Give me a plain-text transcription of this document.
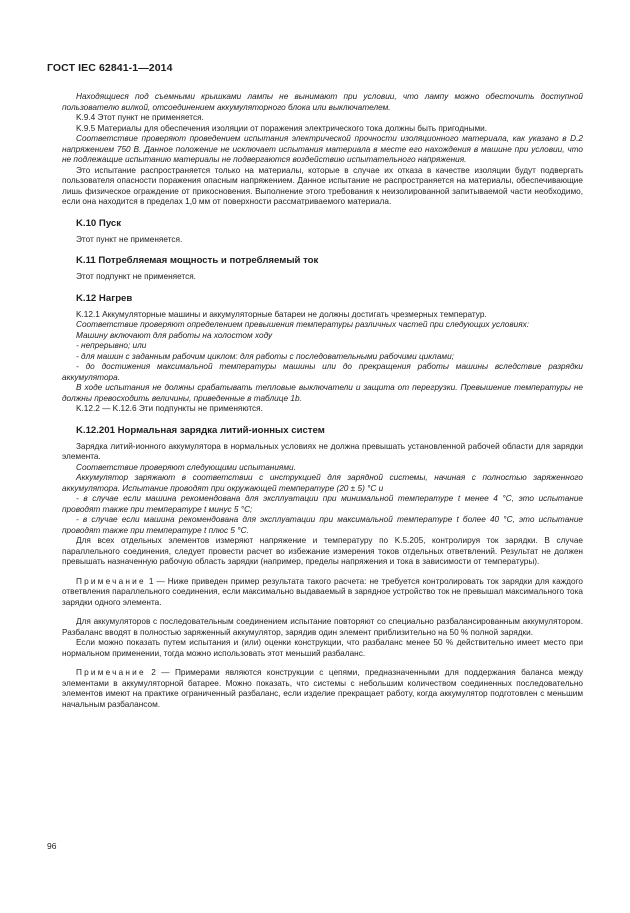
ГОСТ IEC 62841-1—2014

Находящиеся под съемными крышками лампы не вынимают при условии, что лампу можно обесточить доступной пользователю вилкой, отсоединением аккумуляторного блока или выключателем.

K.9.4 Этот пункт не применяется.

K.9.5 Материалы для обеспечения изоляции от поражения электрического тока должны быть пригодными.

Соответствие проверяют проведением испытания электрической прочности изоляционного материала, как указано в D.2 напряжением 750 В. Данное положение не исключает испытания материала в месте его нахождения в машине при условии, что не подлежащие испытанию материалы не подвергаются воздействию испытательного напряжения.

Это испытание распространяется только на материалы, которые в случае их отказа в качестве изоляции будут подвергать пользователя опасности поражения опасным напряжением. Данное испытание не распространяется на материалы, обеспечивающие лишь физическое ограждение от прикосновения. Выполнение этого требования к неизолированной запитываемой части необходимо, если она находится в пределах 1,0 мм от поверхности рассматриваемого материала.

K.10 Пуск

Этот пункт не применяется.

K.11 Потребляемая мощность и потребляемый ток

Этот подпункт не применяется.

K.12 Нагрев

K.12.1 Аккумуляторные машины и аккумуляторные батареи не должны достигать чрезмерных температур.

Соответствие проверяют определением превышения температуры различных частей при следующих условиях:

Машину включают для работы на холостом ходу

- непрерывно; или

- для машин с заданным рабочим циклом: для работы с последовательными рабочими циклами;

- до достижения максимальной температуры машины или до прекращения работы машины вследствие разрядки аккумулятора.

В ходе испытания не должны срабатывать тепловые выключатели и защита от перегрузки. Превышение температуры не должны превосходить величины, приведенные в таблице 1b.

K.12.2 — K.12.6 Эти подпункты не применяются.

K.12.201 Нормальная зарядка литий-ионных систем

Зарядка литий-ионного аккумулятора в нормальных условиях не должна превышать установленной рабочей области для зарядки элемента.

Соответствие проверяют следующими испытаниями.

Аккумулятор заряжают в соответствии с инструкцией для зарядной системы, начиная с полностью заряженного аккумулятора. Испытание проводят при окружающей температуре (20 ± 5) °С и

- в случае если машина рекомендована для эксплуатации при минимальной температуре t менее 4 °С, это испытание проводят также при температуре t минус 5 °С;

- в случае если машина рекомендована для эксплуатации при максимальной температуре t более 40 °С, это испытание проводят также при температуре t плюс 5 °С.

Для всех отдельных элементов измеряют напряжение и температуру по K.5.205, контролируя ток зарядки. В случае параллельного соединения, следует провести расчет во избежание измерения токов отдельных ответвлений. Результат не должен превышать назначенную рабочую область зарядки (например, пределы напряжения и тока в зависимости от температуры).

Примечание 1 — Ниже приведен пример результата такого расчета: не требуется контролировать ток зарядки для каждого ответвления параллельного соединения, если максимально выдаваемый в зарядное устройство ток не превышал максимального тока зарядки одного элемента.

Для аккумуляторов с последовательным соединением испытание повторяют со специально разбалансированным аккумулятором. Разбаланс вводят в полностью заряженный аккумулятор, зарядив один элемент приблизительно на 50 % полной зарядки.

Если можно показать путем испытания и (или) оценки конструкции, что разбаланс менее 50 % действительно имеет место при нормальном применении, тогда можно использовать этот меньший разбаланс.

Примечание 2 — Примерами являются конструкции с цепями, предназначенными для поддержания баланса между элементами в аккумуляторной батарее. Можно показать, что системы с небольшим количеством соединенных последовательно элементов имеют на практике ограниченный разбаланс, если изделие прекращает работу, когда аккумулятор подготовлен с меньшим начальным разбалансом.

96
